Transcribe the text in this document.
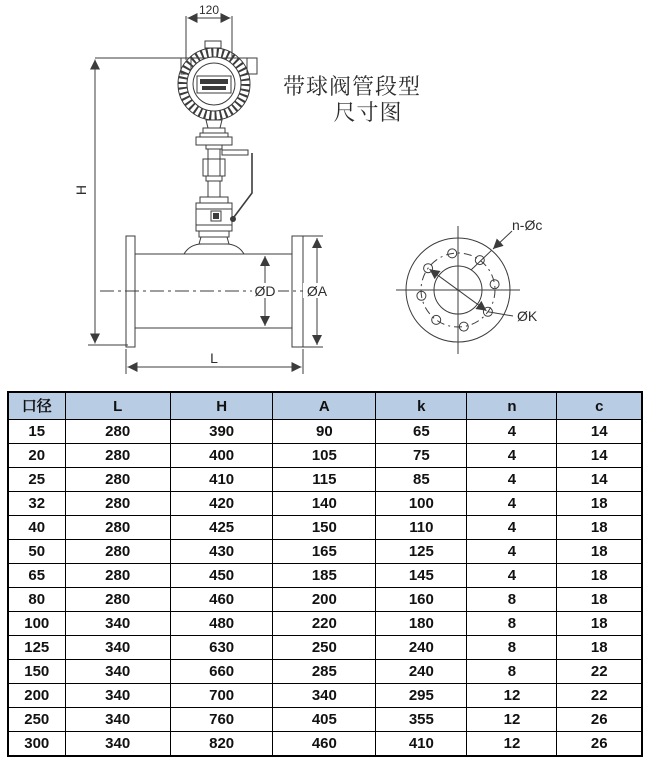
带球阀管段型
尺寸图
120
H
ØD ØA
L
n-Øc
ØK
口径	L	H	A	k	n	c
15	280	390	90	65	4	14
20	280	400	105	75	4	14
25	280	410	115	85	4	14
32	280	420	140	100	4	18
40	280	425	150	110	4	18
50	280	430	165	125	4	18
65	280	450	185	145	4	18
80	280	460	200	160	8	18
100	340	480	220	180	8	18
125	340	630	250	240	8	18
150	340	660	285	240	8	22
200	340	700	340	295	12	22
250	340	760	405	355	12	26
300	340	820	460	410	12	26
